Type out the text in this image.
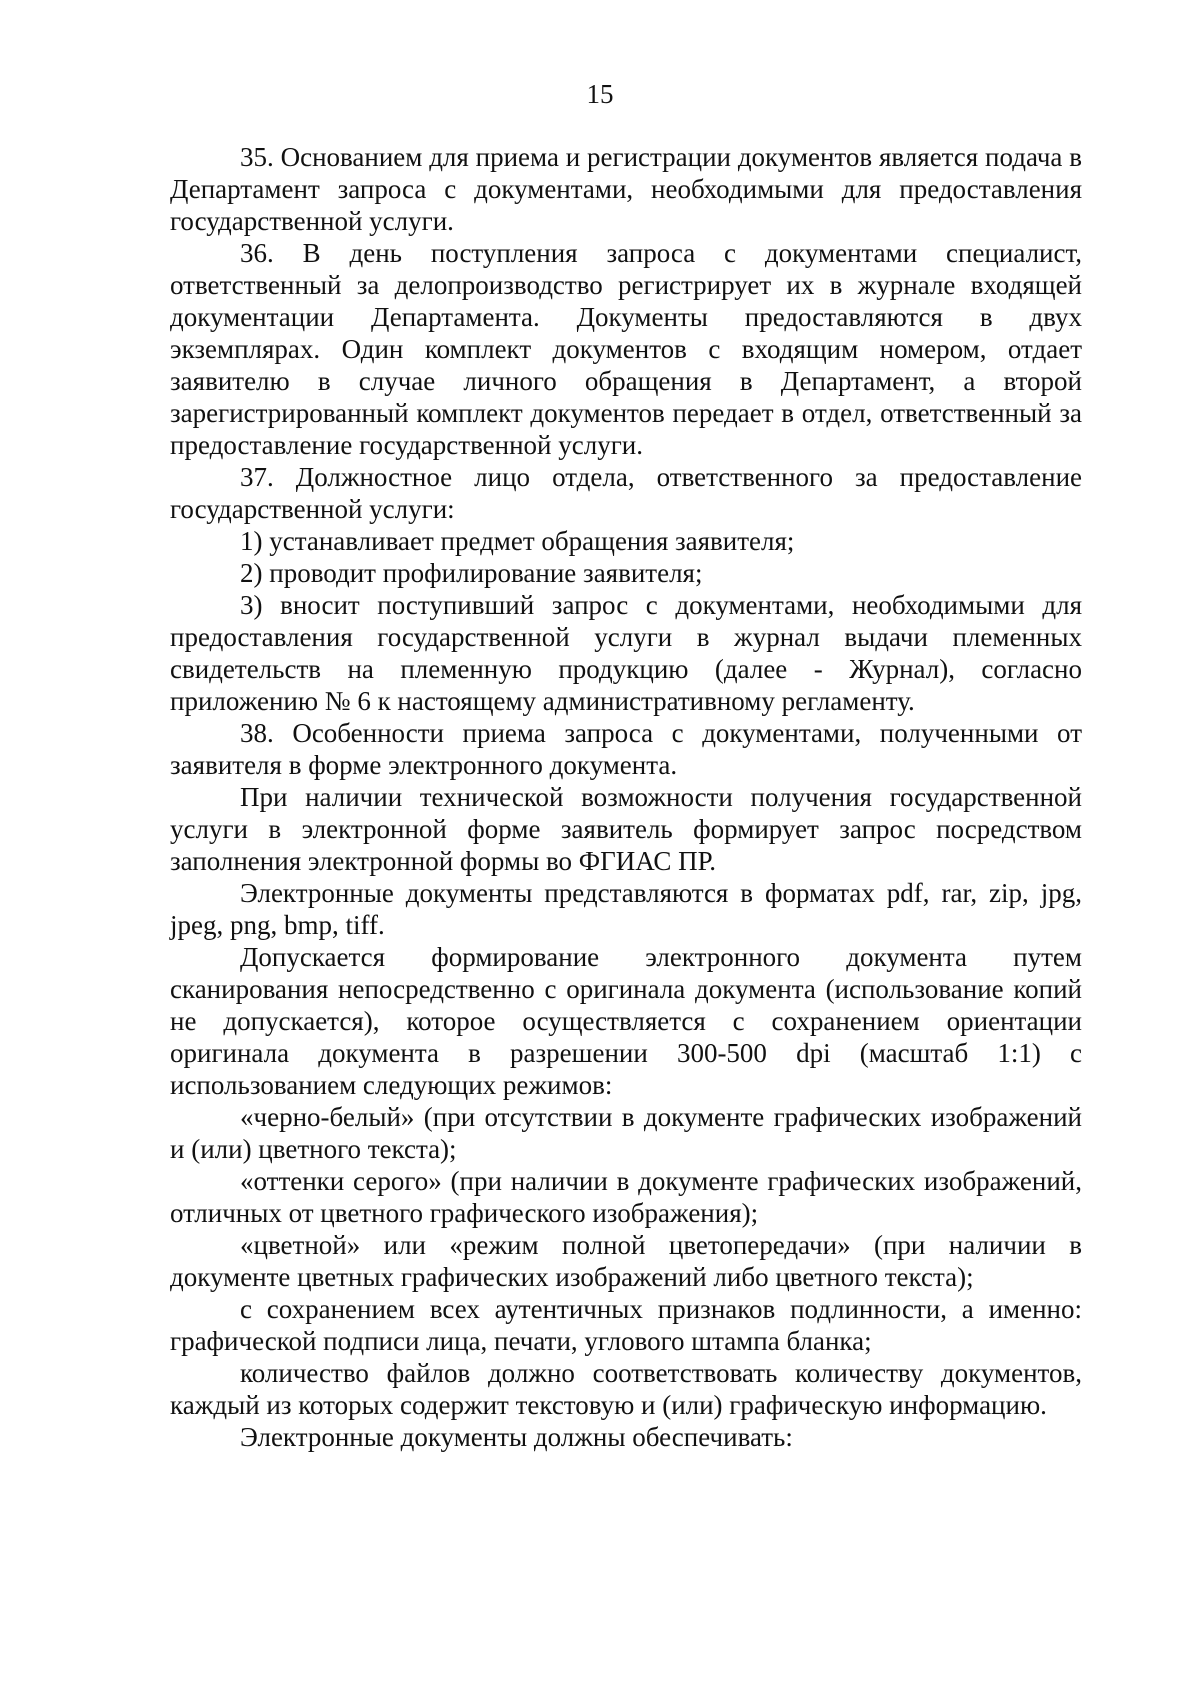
15

35. Основанием для приема и регистрации документов является подача в Департамент запроса с документами, необходимыми для предоставления государственной услуги.

36. В день поступления запроса с документами специалист, ответственный за делопроизводство регистрирует их в журнале входящей документации Департамента. Документы предоставляются в двух экземплярах. Один комплект документов с входящим номером, отдает заявителю в случае личного обращения в Департамент, а второй зарегистрированный комплект документов передает в отдел, ответственный за предоставление государственной услуги.

37. Должностное лицо отдела, ответственного за предоставление государственной услуги:

1) устанавливает предмет обращения заявителя;

2) проводит профилирование заявителя;

3) вносит поступивший запрос с документами, необходимыми для предоставления государственной услуги в журнал выдачи племенных свидетельств на племенную продукцию (далее - Журнал), согласно приложению № 6 к настоящему административному регламенту.

38. Особенности приема запроса с документами, полученными от заявителя в форме электронного документа.

При наличии технической возможности получения государственной услуги в электронной форме заявитель формирует запрос посредством заполнения электронной формы во ФГИАС ПР.

Электронные документы представляются в форматах pdf, rar, zip, jpg, jpeg, png, bmp, tiff.

Допускается формирование электронного документа путем сканирования непосредственно с оригинала документа (использование копий не допускается), которое осуществляется с сохранением ориентации оригинала документа в разрешении 300-500 dpi (масштаб 1:1) с использованием следующих режимов:

«черно-белый» (при отсутствии в документе графических изображений и (или) цветного текста);

«оттенки серого» (при наличии в документе графических изображений, отличных от цветного графического изображения);

«цветной» или «режим полной цветопередачи» (при наличии в документе цветных графических изображений либо цветного текста);

с сохранением всех аутентичных признаков подлинности, а именно: графической подписи лица, печати, углового штампа бланка;

количество файлов должно соответствовать количеству документов, каждый из которых содержит текстовую и (или) графическую информацию.

Электронные документы должны обеспечивать:
